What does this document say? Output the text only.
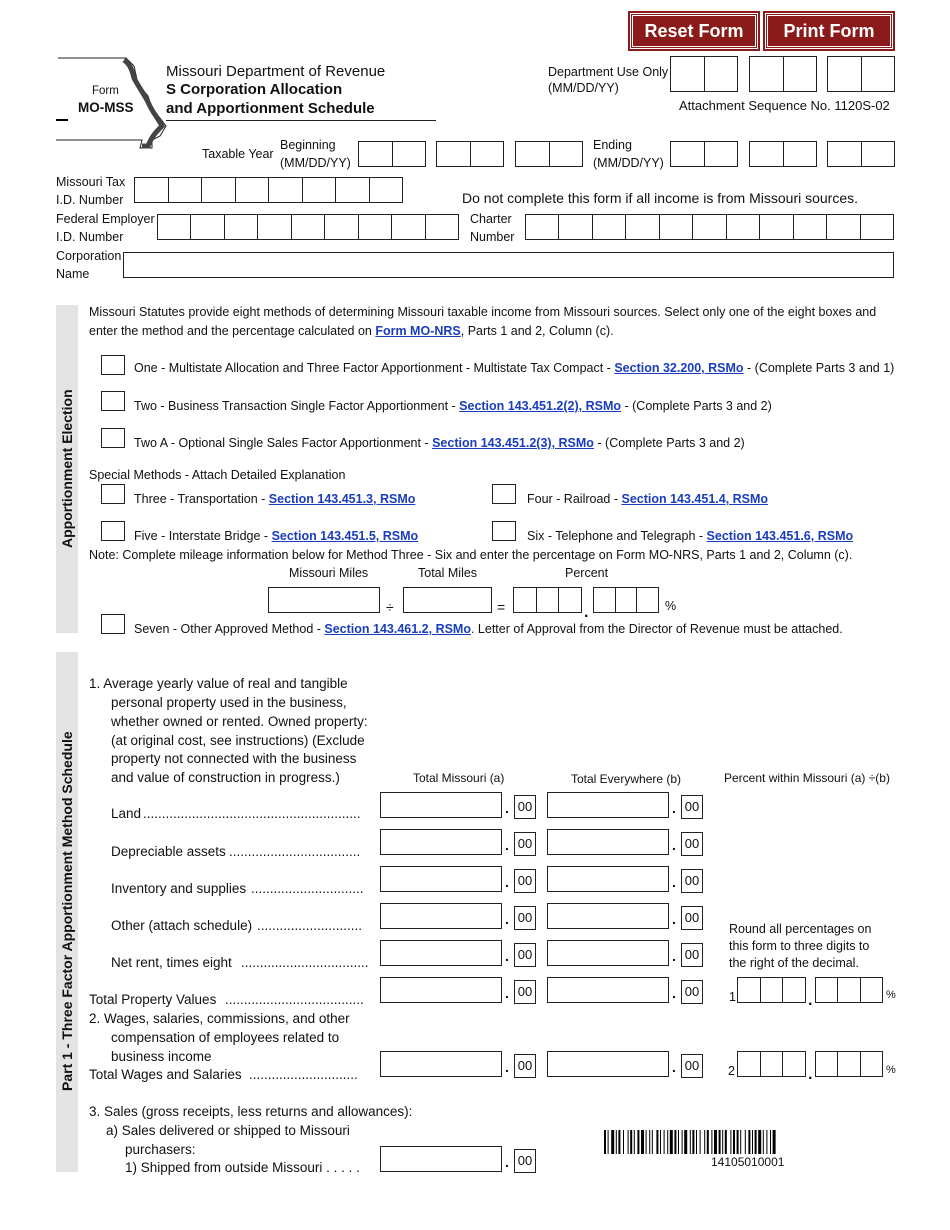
Reset Form	Print Form
Form
MO-MSS
Missouri Department of Revenue
S Corporation Allocation
and Apportionment Schedule
Department Use Only
(MM/DD/YY)
Attachment Sequence No. 1120S-02
Taxable Year
Beginning
(MM/DD/YY)
Ending
(MM/DD/YY)
Missouri Tax
I.D. Number	Do not complete this form if all income is from Missouri sources.
Federal Employer
I.D. Number
Charter
Number
Corporation
Name
Apportionment Election
Missouri Statutes provide eight methods of determining Missouri taxable income from Missouri sources. Select only one of the eight boxes and
enter the method and the percentage calculated on Form MO-NRS, Parts 1 and 2, Column (c).
One - Multistate Allocation and Three Factor Apportionment - Multistate Tax Compact - Section 32.200, RSMo - (Complete Parts 3 and 1)
Two - Business Transaction Single Factor Apportionment - Section 143.451.2(2), RSMo - (Complete Parts 3 and 2)
Two A - Optional Single Sales Factor Apportionment - Section 143.451.2(3), RSMo - (Complete Parts 3 and 2)
Special Methods - Attach Detailed Explanation
Three - Transportation - Section 143.451.3, RSMo	Four - Railroad - Section 143.451.4, RSMo
Five - Interstate Bridge - Section 143.451.5, RSMo	Six - Telephone and Telegraph - Section 143.451.6, RSMo
Note: Complete mileage information below for Method Three - Six and enter the percentage on Form MO-NRS, Parts 1 and 2, Column (c).
Missouri Miles	Total Miles	Percent
÷	=	.	%
Seven - Other Approved Method - Section 143.461.2, RSMo. Letter of Approval from the Director of Revenue must be attached.
Part 1 - Three Factor Apportionment Method Schedule
1. Average yearly value of real and tangible
personal property used in the business,
whether owned or rented. Owned property:
(at original cost, see instructions) (Exclude
property not connected with the business
and value of construction in progress.)	Total Missouri (a)	Total Everywhere (b)	Percent within Missouri (a) ÷(b)
Land ..........................................................	. 00	. 00
Depreciable assets ...................................	. 00	. 00
Inventory and supplies ..............................	. 00	. 00
Other (attach schedule) ............................	. 00	. 00
Net rent, times eight ..................................	. 00	. 00
Round all percentages on
this form to three digits to
the right of the decimal.
Total Property Values .....................................	. 00	. 00	1	.	%
2. Wages, salaries, commissions, and other
compensation of employees related to
business income
Total Wages and Salaries .............................	. 00	. 00	2	.	%
3. Sales (gross receipts, less returns and allowances):
a) Sales delivered or shipped to Missouri
purchasers:
1) Shipped from outside Missouri . . . . .	. 00	14105010001
